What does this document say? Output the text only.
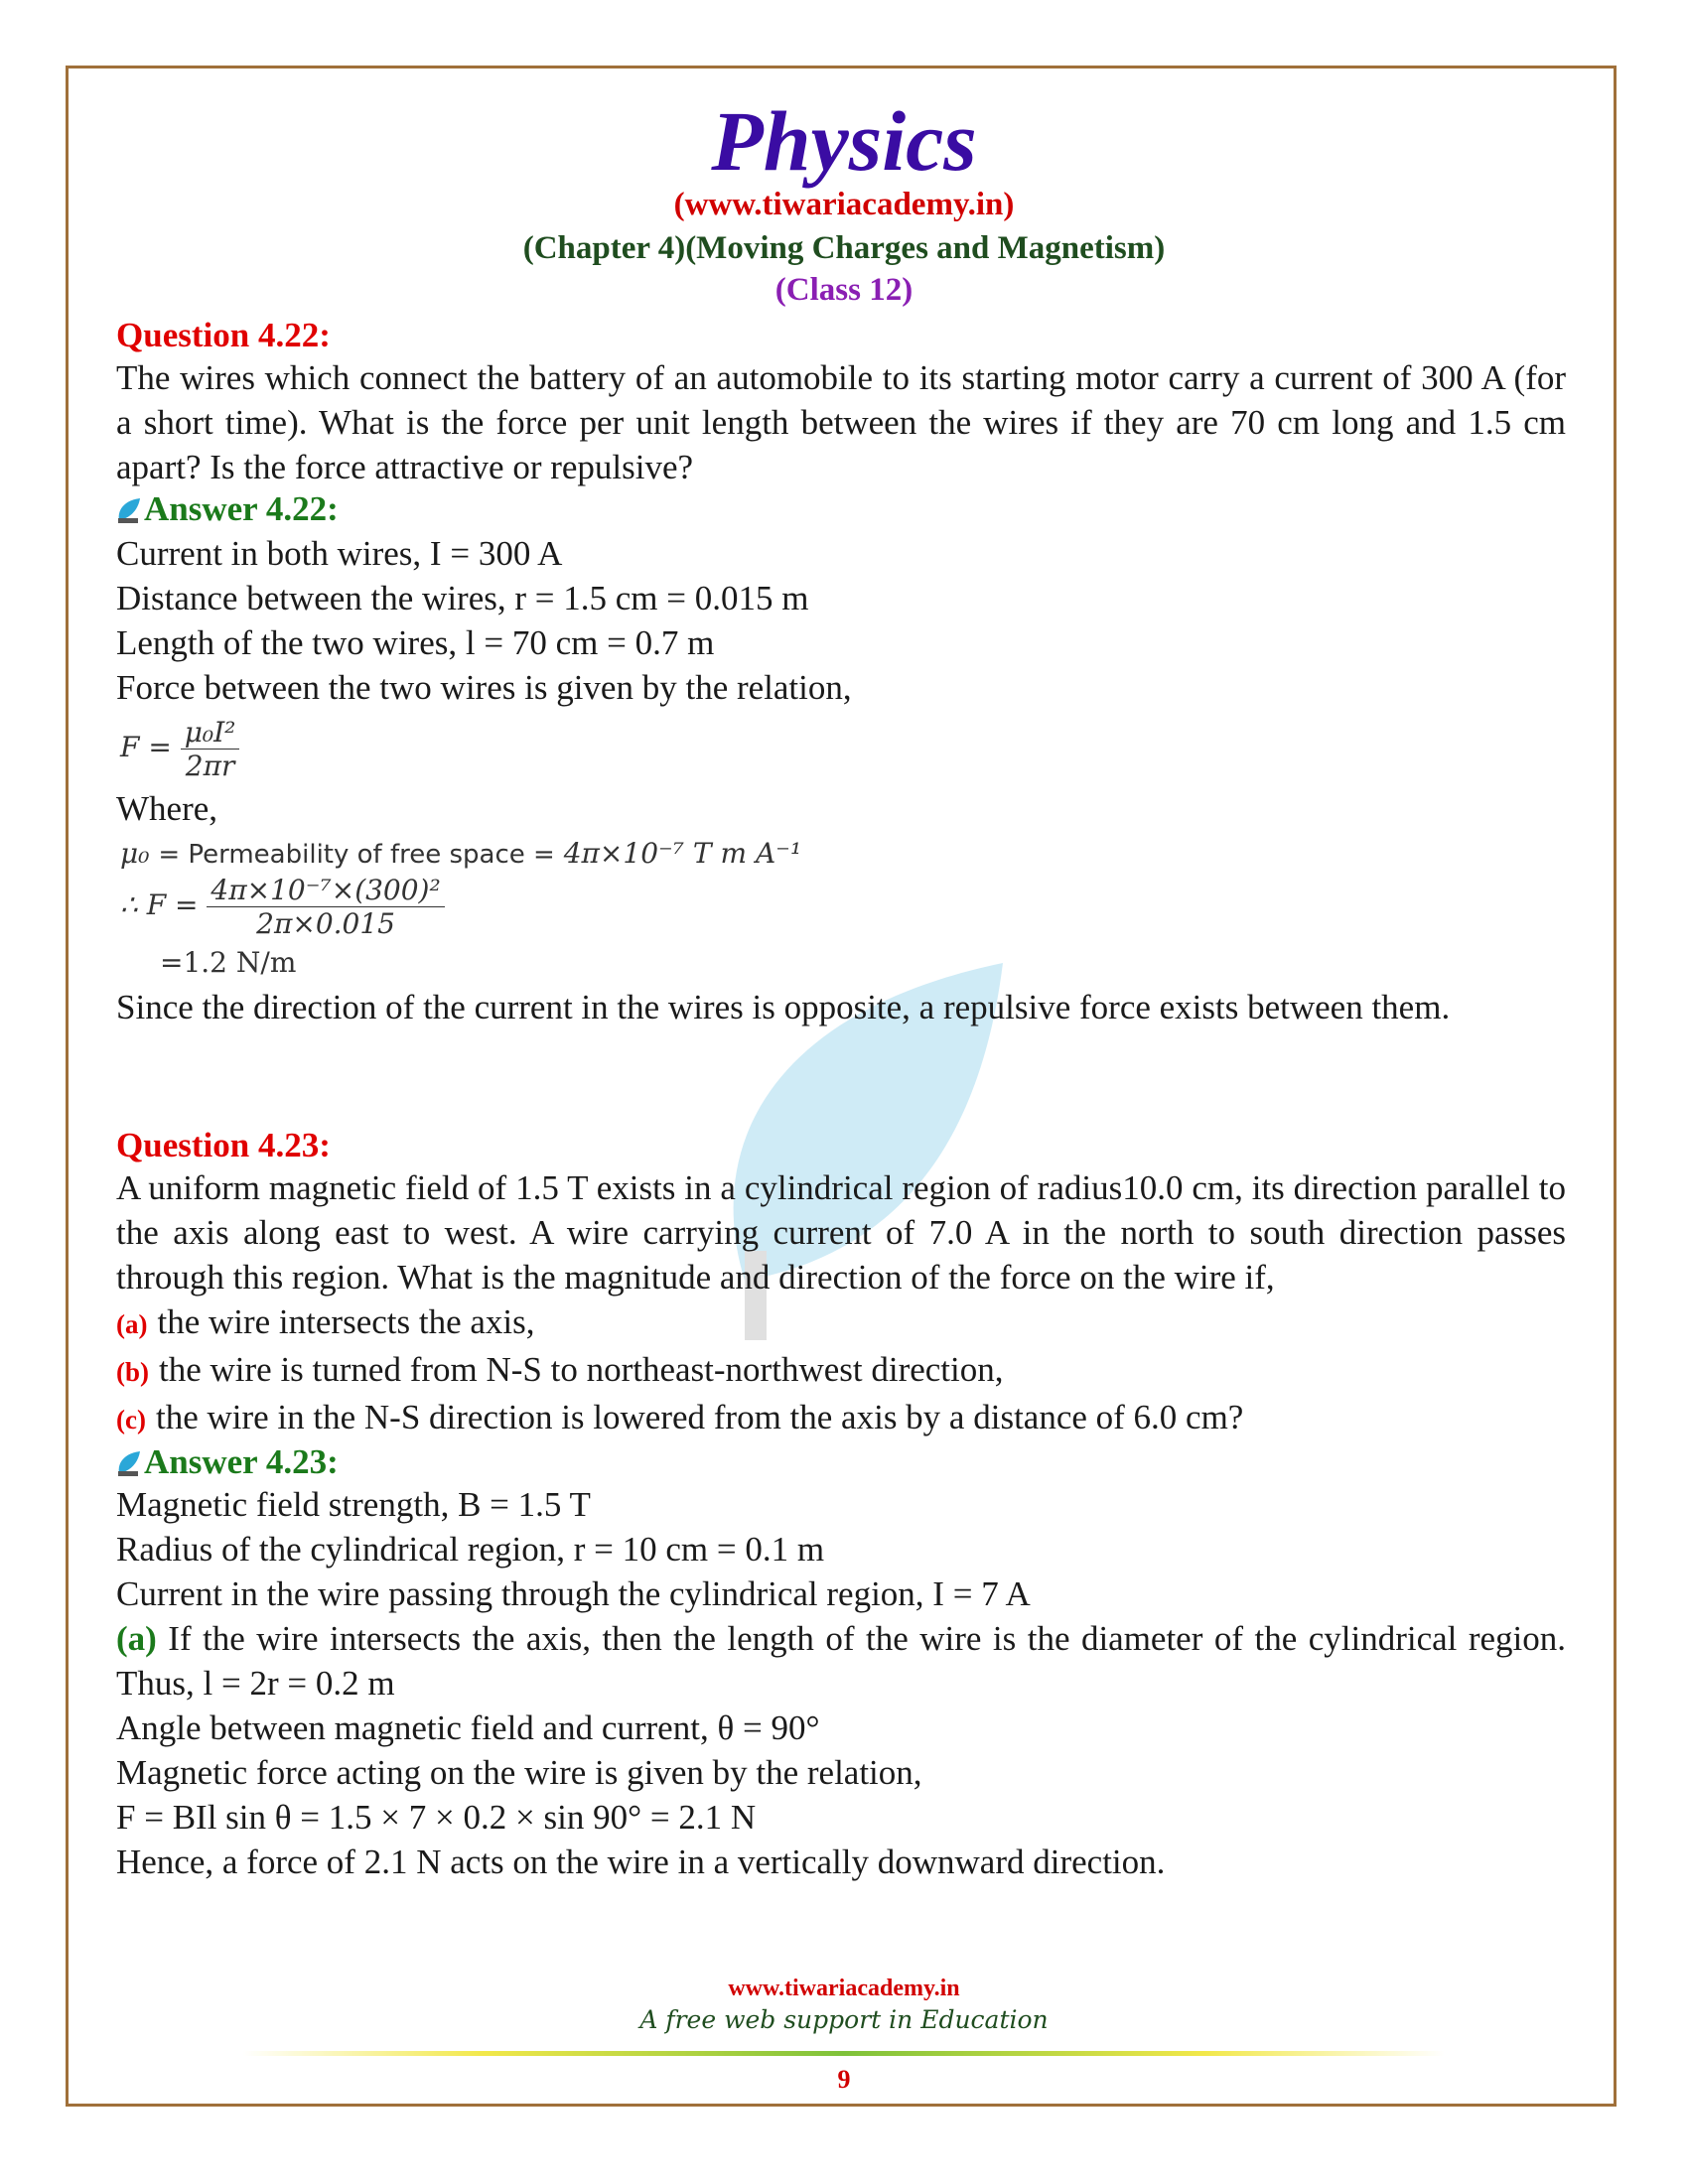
Physics
(www.tiwariacademy.in)
(Chapter 4)(Moving Charges and Magnetism)
(Class 12)
Question 4.22:
The wires which connect the battery of an automobile to its starting motor carry a current of 300 A (for a short time). What is the force per unit length between the wires if they are 70 cm long and 1.5 cm apart? Is the force attractive or repulsive?
Answer 4.22:
Current in both wires, I = 300 A
Distance between the wires, r = 1.5 cm = 0.015 m
Length of the two wires, l = 70 cm = 0.7 m
Force between the two wires is given by the relation,
$F = \frac{\text{μ₀I²}}{2\pi r}$
Where,
μ₀ = Permeability of free space = 4π×10⁻⁷ T m A⁻¹
∴ $F = \frac{\text{4π×10⁻⁷×(300)²}}{2\pi\times 0.015}$
=1.2 N/m
Since the direction of the current in the wires is opposite, a repulsive force exists between them.
Question 4.23:
A uniform magnetic field of 1.5 T exists in a cylindrical region of radius10.0 cm, its direction parallel to the axis along east to west. A wire carrying current of 7.0 A in the north to south direction passes through this region. What is the magnitude and direction of the force on the wire if,
(a) the wire intersects the axis,
(b) the wire is turned from N-S to northeast-northwest direction,
(c) the wire in the N-S direction is lowered from the axis by a distance of 6.0 cm?
Answer 4.23:
Magnetic field strength, B = 1.5 T
Radius of the cylindrical region, r = 10 cm = 0.1 m
Current in the wire passing through the cylindrical region, I = 7 A
(a) If the wire intersects the axis, then the length of the wire is the diameter of the cylindrical region. Thus, l = 2r = 0.2 m
Angle between magnetic field and current, θ = 90°
Magnetic force acting on the wire is given by the relation,
F = BIl sin θ = 1.5 × 7 × 0.2 × sin 90° = 2.1 N
Hence, a force of 2.1 N acts on the wire in a vertically downward direction.
www.tiwariacademy.in
A free web support in Education
9
